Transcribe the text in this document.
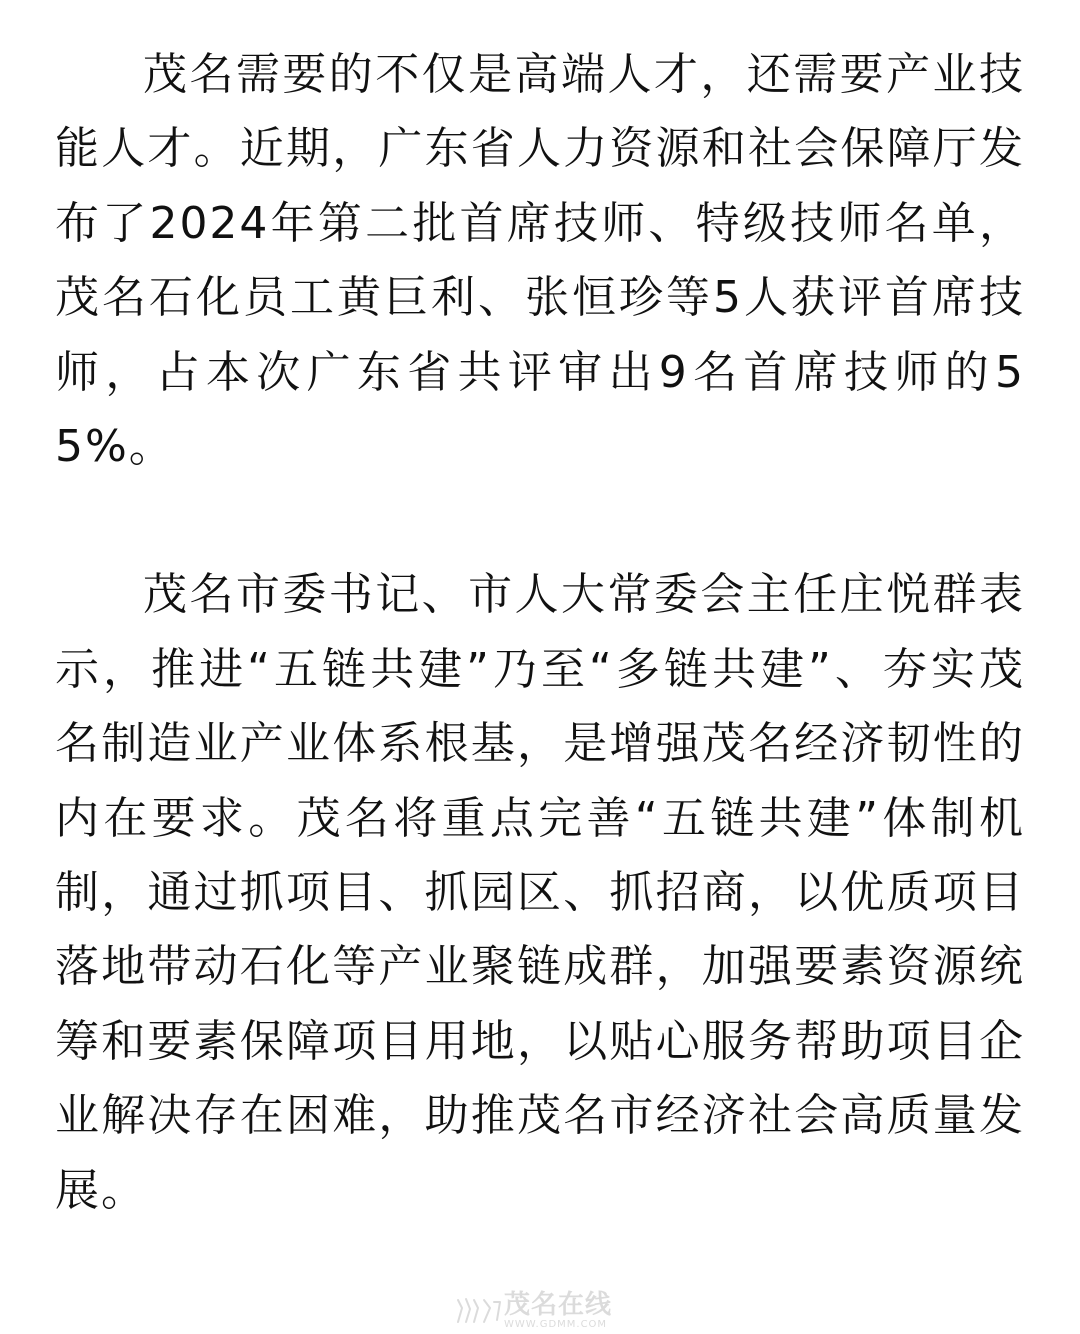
茂名需要的不仅是高端人才，还需要产业技能人才。近期，广东省人力资源和社会保障厅发布了2024年第二批首席技师、特级技师名单，茂名石化员工黄巨利、张恒珍等5人获评首席技师，占本次广东省共评审出9名首席技师的55%。

茂名市委书记、市人大常委会主任庄悦群表示，推进“五链共建”乃至“多链共建”、夯实茂名制造业产业体系根基，是增强茂名经济韧性的内在要求。茂名将重点完善“五链共建”体制机制，通过抓项目、抓园区、抓招商，以优质项目落地带动石化等产业聚链成群，加强要素资源统筹和要素保障项目用地，以贴心服务帮助项目企业解决存在困难，助推茂名市经济社会高质量发展。

茂名在线
WWW.GDMM.COM
